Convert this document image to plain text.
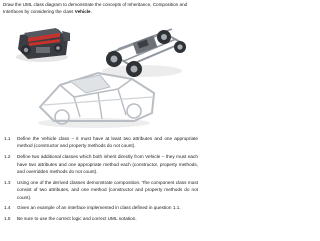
Draw the UML class diagram to demonstrate the concepts of Inheritance, Composition and Interfaces by considering the class Vehicle.

1.1	Define the Vehicle class – it must have at least two attributes and one appropriate method (constructor and property methods do not count).
1.2	Define two additional classes which both inherit directly from Vehicle – they must each have two attributes and one appropriate method each (constructor, property methods, and overridden methods do not count).
1.3	Using one of the derived classes demonstrate composition. The component class must consist of two attributes, and one method (constructor and property methods do not count).
1.4	Given an example of an interface implemented in class defined in question 1.1.
1.5	Be sure to use the correct logic and correct UML notation.
